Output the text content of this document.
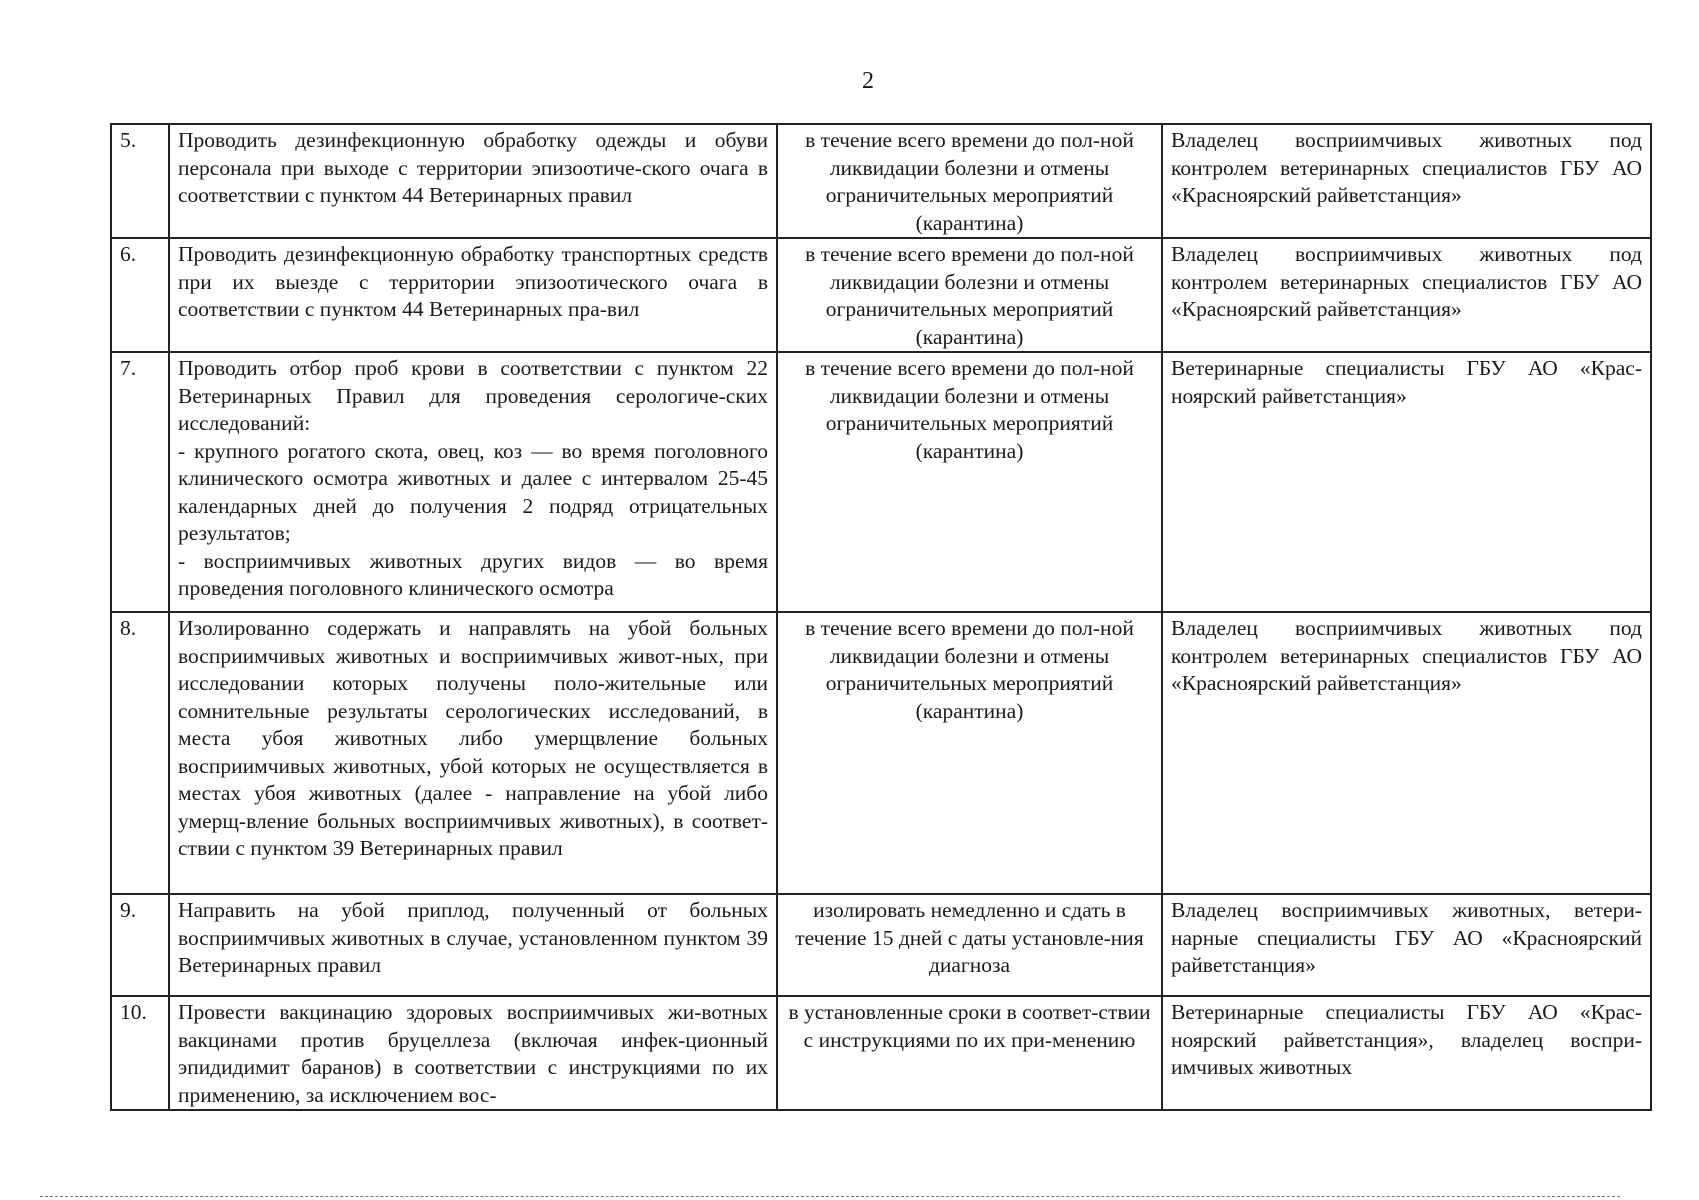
2
5.	Проводить дезинфекционную обработку одежды и обуви персонала при выходе с территории эпизоотиче-ского очага в соответствии с пунктом 44 Ветеринарных правил	в течение всего времени до пол-ной ликвидации болезни и отмены ограничительных мероприятий (карантина)	Владелец восприимчивых животных под контролем ветеринарных специалистов ГБУ АО «Красноярский райветстанция»
6.	Проводить дезинфекционную обработку транспортных средств при их выезде с территории эпизоотического очага в соответствии с пунктом 44 Ветеринарных пра-вил	в течение всего времени до пол-ной ликвидации болезни и отмены ограничительных мероприятий (карантина)	Владелец восприимчивых животных под контролем ветеринарных специалистов ГБУ АО «Красноярский райветстанция»
7.	Проводить отбор проб крови в соответствии с пунктом 22 Ветеринарных Правил для проведения серологиче-ских исследований:
- крупного рогатого скота, овец, коз — во время поголовного клинического осмотра животных и далее с интервалом 25-45 календарных дней до получения 2 подряд отрицательных результатов;
- восприимчивых животных других видов — во время проведения поголовного клинического осмотра	в течение всего времени до пол-ной ликвидации болезни и отмены ограничительных мероприятий (карантина)	Ветеринарные специалисты ГБУ АО «Крас-ноярский райветстанция»
8.	Изолированно содержать и направлять на убой больных восприимчивых животных и восприимчивых живот-ных, при исследовании которых получены поло-жительные или сомнительные результаты серологических исследований, в места убоя животных либо умерщвление больных восприимчивых животных, убой которых не осуществляется в местах убоя животных (далее - направление на убой либо умерщ-вление больных восприимчивых животных), в соответ-ствии с пунктом 39 Ветеринарных правил	в течение всего времени до пол-ной ликвидации болезни и отмены ограничительных мероприятий (карантина)	Владелец восприимчивых животных под контролем ветеринарных специалистов ГБУ АО «Красноярский райветстанция»
9.	Направить на убой приплод, полученный от больных восприимчивых животных в случае, установленном пунктом 39 Ветеринарных правил	изолировать немедленно и сдать в течение 15 дней с даты установле-ния диагноза	Владелец восприимчивых животных, ветери-нарные специалисты ГБУ АО «Красноярский райветстанция»
10.	Провести вакцинацию здоровых восприимчивых жи-вотных вакцинами против бруцеллеза (включая инфек-ционный эпидидимит баранов) в соответствии с инструкциями по их применению, за исключением вос-	в установленные сроки в соответ-ствии с инструкциями по их при-менению	Ветеринарные специалисты ГБУ АО «Крас-ноярский райветстанция», владелец воспри-имчивых животных
